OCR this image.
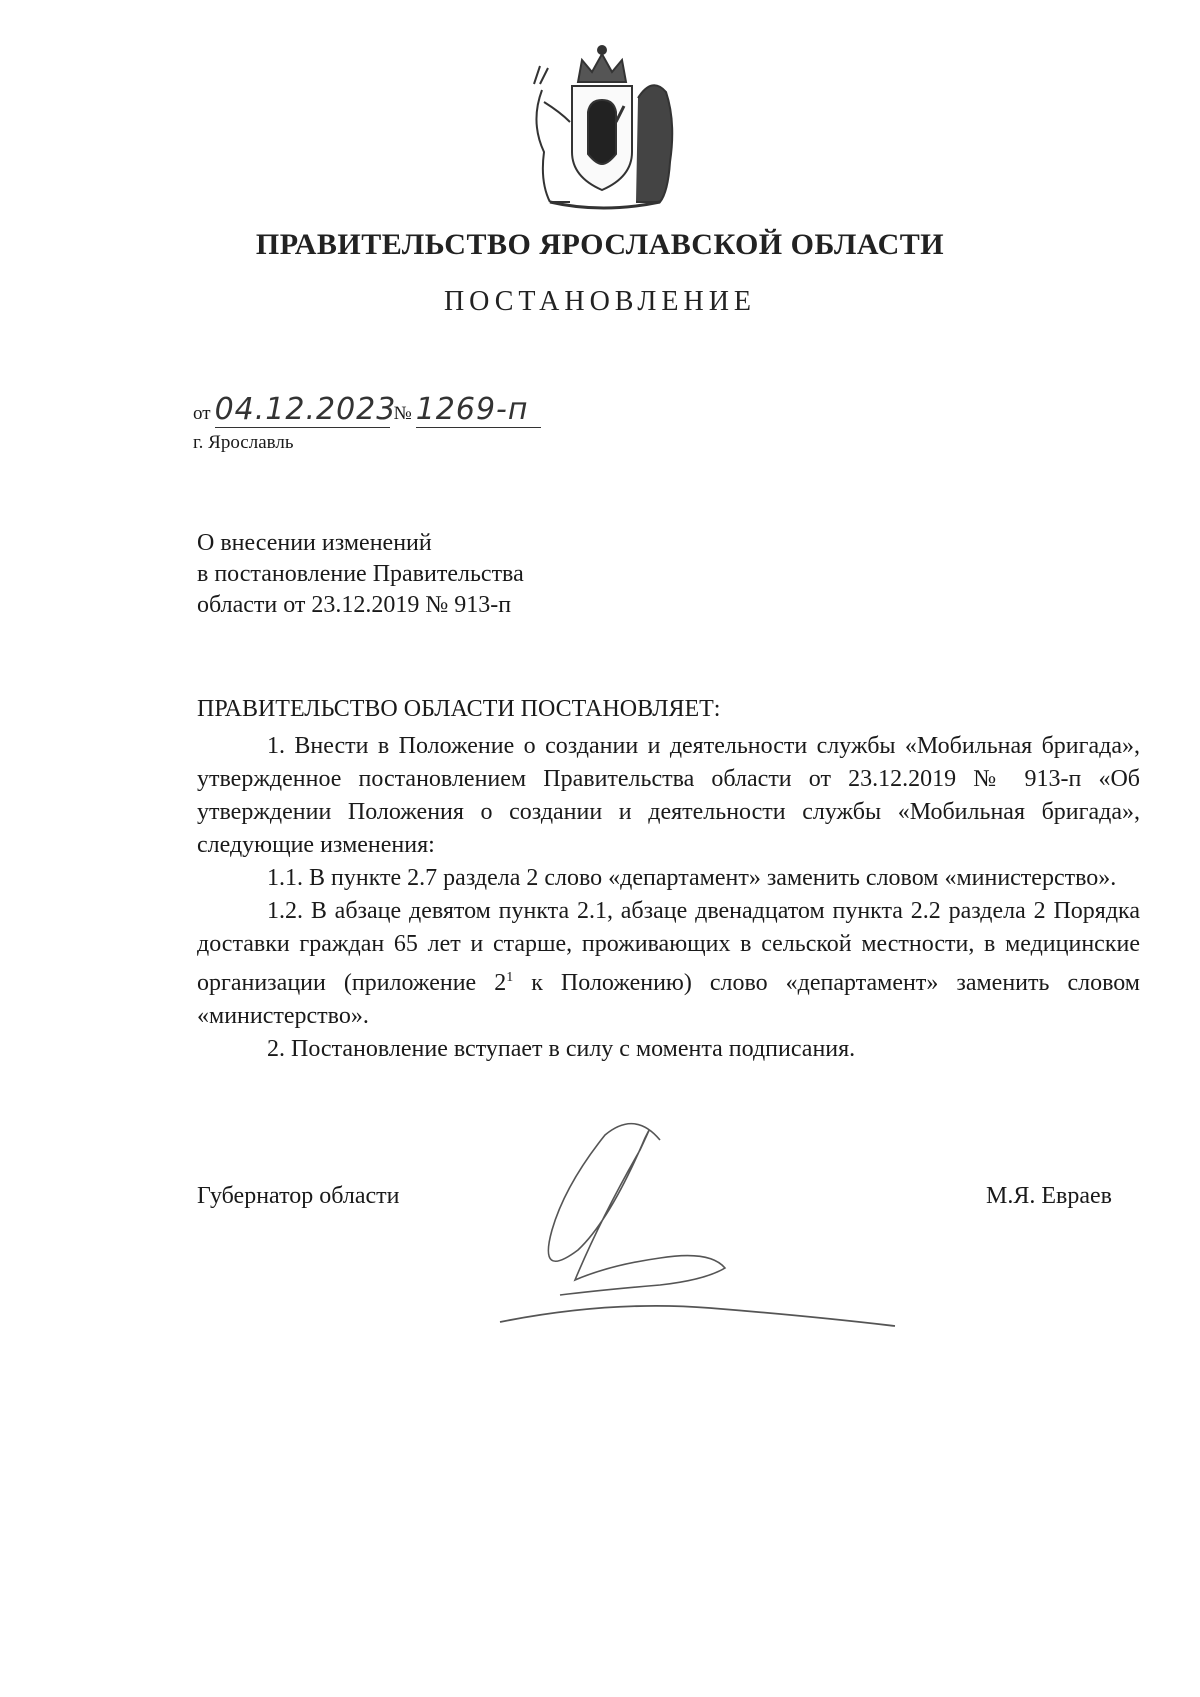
ПРАВИТЕЛЬСТВО ЯРОСЛАВСКОЙ ОБЛАСТИ
ПОСТАНОВЛЕНИЕ
от 04.12.2023 № 1269-п
г. Ярославль
О внесении изменений
в постановление Правительства
области от 23.12.2019 № 913-п
ПРАВИТЕЛЬСТВО ОБЛАСТИ ПОСТАНОВЛЯЕТ:

1. Внести в Положение о создании и деятельности службы «Мобильная бригада», утвержденное постановлением Правительства области от 23.12.2019 № 913-п «Об утверждении Положения о создании и деятельности службы «Мобильная бригада», следующие изменения:

1.1. В пункте 2.7 раздела 2 слово «департамент» заменить словом «министерство».

1.2. В абзаце девятом пункта 2.1, абзаце двенадцатом пункта 2.2 раздела 2 Порядка доставки граждан 65 лет и старше, проживающих в сельской местности, в медицинские организации (приложение $2^1$ к Положению) слово «департамент» заменить словом «министерство».

2. Постановление вступает в силу с момента подписания.

Губернатор области	М.Я. Евраев
